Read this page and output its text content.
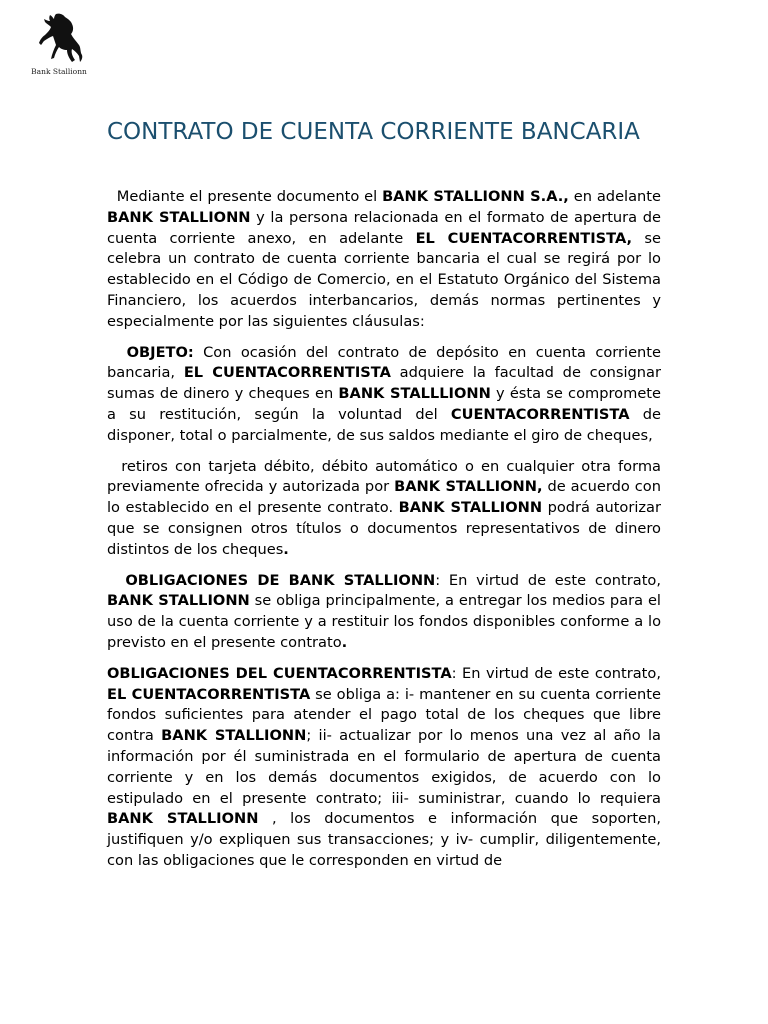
Bank Stallionn
CONTRATO DE CUENTA CORRIENTE BANCARIA

Mediante el presente documento el BANK STALLIONN S.A., en adelante BANK STALLIONN y la persona relacionada en el formato de apertura de cuenta corriente anexo, en adelante EL CUENTACORRENTISTA, se celebra un contrato de cuenta corriente bancaria el cual se regirá por lo establecido en el Código de Comercio, en el Estatuto Orgánico del Sistema Financiero, los acuerdos interbancarios, demás normas pertinentes y especialmente por las siguientes cláusulas:

OBJETO: Con ocasión del contrato de depósito en cuenta corriente bancaria, EL CUENTACORRENTISTA adquiere la facultad de consignar sumas de dinero y cheques en BANK STALLLIONN y ésta se compromete a su restitución, según la voluntad del CUENTACORRENTISTA de disponer, total o parcialmente, de sus saldos mediante el giro de cheques,

retiros con tarjeta débito, débito automático o en cualquier otra forma previamente ofrecida y autorizada por BANK STALLIONN, de acuerdo con lo establecido en el presente contrato. BANK STALLIONN podrá autorizar que se consignen otros títulos o documentos representativos de dinero distintos de los cheques.

OBLIGACIONES DE BANK STALLIONN: En virtud de este contrato, BANK STALLIONN se obliga principalmente, a entregar los medios para el uso de la cuenta corriente y a restituir los fondos disponibles conforme a lo previsto en el presente contrato.

OBLIGACIONES DEL CUENTACORRENTISTA: En virtud de este contrato, EL CUENTACORRENTISTA se obliga a: i- mantener en su cuenta corriente fondos suficientes para atender el pago total de los cheques que libre contra BANK STALLIONN; ii- actualizar por lo menos una vez al año la información por él suministrada en el formulario de apertura de cuenta corriente y en los demás documentos exigidos, de acuerdo con lo estipulado en el presente contrato; iii- suministrar, cuando lo requiera BANK STALLIONN , los documentos e información que soporten, justifiquen y/o expliquen sus transacciones; y iv- cumplir, diligentemente, con las obligaciones que le corresponden en virtud de
